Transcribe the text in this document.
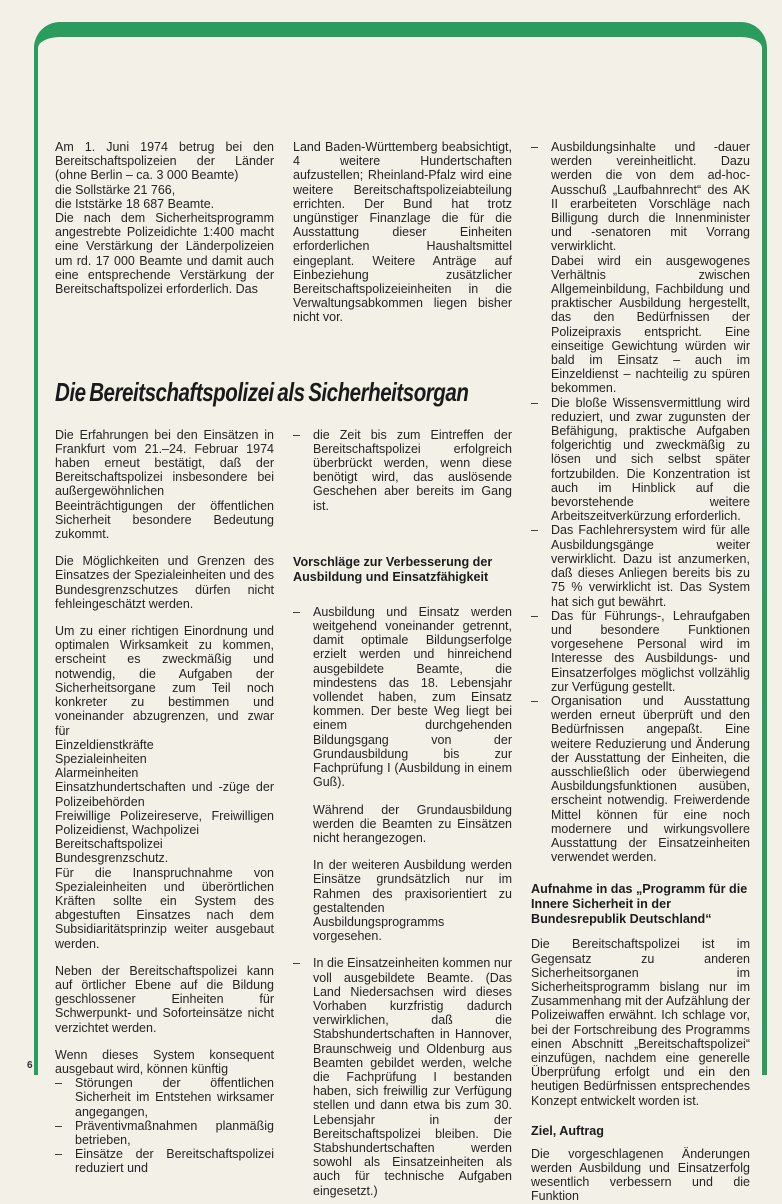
Am 1. Juni 1974 betrug bei den Bereitschaftspolizeien der Länder (ohne Berlin – ca. 3 000 Beamte)
die Sollstärke 21 766,
die Iststärke 18 687 Beamte.
Die nach dem Sicherheitsprogramm angestrebte Polizeidichte 1:400 macht eine Verstärkung der Länderpolizeien um rd. 17 000 Beamte und damit auch eine entsprechende Verstärkung der Bereitschaftspolizei erforderlich. Das
Land Baden-Württemberg beabsichtigt, 4 weitere Hundertschaften aufzustellen; Rheinland-Pfalz wird eine weitere Bereitschaftspolizeiabteilung errichten. Der Bund hat trotz ungünstiger Finanzlage die für die Ausstattung dieser Einheiten erforderlichen Haushaltsmittel eingeplant. Weitere Anträge auf Einbeziehung zusätzlicher Bereitschaftspolizeieinheiten in die Verwaltungsabkommen liegen bisher nicht vor.
Die Bereitschaftspolizei als Sicherheitsorgan
Die Erfahrungen bei den Einsätzen in Frankfurt vom 21.–24. Februar 1974 haben erneut bestätigt, daß der Bereitschaftspolizei insbesondere bei außergewöhnlichen Beeinträchtigungen der öffentlichen Sicherheit besondere Bedeutung zukommt.
Die Möglichkeiten und Grenzen des Einsatzes der Spezialeinheiten und des Bundesgrenzschutzes dürfen nicht fehleingeschätzt werden.
Um zu einer richtigen Einordnung und optimalen Wirksamkeit zu kommen, erscheint es zweckmäßig und notwendig, die Aufgaben der Sicherheitsorgane zum Teil noch konkreter zu bestimmen und voneinander abzugrenzen, und zwar für
Einzeldienstkräfte
Spezialeinheiten
Alarmeinheiten
Einsatzhundertschaften und -züge der Polizeibehörden
Freiwillige Polizeireserve, Freiwilligen Polizeidienst, Wachpolizei
Bereitschaftspolizei
Bundesgrenzschutz.
Für die Inanspruchnahme von Spezialeinheiten und überörtlichen Kräften sollte ein System des abgestuften Einsatzes nach dem Subsidiaritätsprinzip weiter ausgebaut werden.
Neben der Bereitschaftspolizei kann auf örtlicher Ebene auf die Bildung geschlossener Einheiten für Schwerpunkt- und Soforteinsätze nicht verzichtet werden.
Wenn dieses System konsequent ausgebaut wird, können künftig
–	Störungen der öffentlichen Sicherheit im Entstehen wirksamer angegangen,
–	Präventivmaßnahmen planmäßig betrieben,
–	Einsätze der Bereitschaftspolizei reduziert und
–	die Zeit bis zum Eintreffen der Bereitschaftspolizei erfolgreich überbrückt werden, wenn diese benötigt wird, das auslösende Geschehen aber bereits im Gang ist.
Vorschläge zur Verbesserung der Ausbildung und Einsatzfähigkeit
–	Ausbildung und Einsatz werden weitgehend voneinander getrennt, damit optimale Bildungserfolge erzielt werden und hinreichend ausgebildete Beamte, die mindestens das 18. Lebensjahr vollendet haben, zum Einsatz kommen. Der beste Weg liegt bei einem durchgehenden Bildungsgang von der Grundausbildung bis zur Fachprüfung I (Ausbildung in einem Guß).
Während der Grundausbildung werden die Beamten zu Einsätzen nicht herangezogen.
In der weiteren Ausbildung werden Einsätze grundsätzlich nur im Rahmen des praxisorientiert zu gestaltenden Ausbildungsprogramms vorgesehen.
–	In die Einsatzeinheiten kommen nur voll ausgebildete Beamte. (Das Land Niedersachsen wird dieses Vorhaben kurzfristig dadurch verwirklichen, daß die Stabshundertschaften in Hannover, Braunschweig und Oldenburg aus Beamten gebildet werden, welche die Fachprüfung I bestanden haben, sich freiwillig zur Verfügung stellen und dann etwa bis zum 30. Lebensjahr in der Bereitschaftspolizei bleiben. Die Stabshundertschaften werden sowohl als Einsatzeinheiten als auch für technische Aufgaben eingesetzt.)
–	Ausbildungsinhalte und -dauer werden vereinheitlicht. Dazu werden die von dem ad-hoc-Ausschuß „Laufbahnrecht“ des AK II erarbeiteten Vorschläge nach Billigung durch die Innenminister und -senatoren mit Vorrang verwirklicht.
Dabei wird ein ausgewogenes Verhältnis zwischen Allgemeinbildung, Fachbildung und praktischer Ausbildung hergestellt, das den Bedürfnissen der Polizeipraxis entspricht. Eine einseitige Gewichtung würden wir bald im Einsatz – auch im Einzeldienst – nachteilig zu spüren bekommen.
–	Die bloße Wissensvermittlung wird reduziert, und zwar zugunsten der Befähigung, praktische Aufgaben folgerichtig und zweckmäßig zu lösen und sich selbst später fortzubilden. Die Konzentration ist auch im Hinblick auf die bevorstehende weitere Arbeitszeitverkürzung erforderlich.
–	Das Fachlehrersystem wird für alle Ausbildungsgänge weiter verwirklicht. Dazu ist anzumerken, daß dieses Anliegen bereits bis zu 75 % verwirklicht ist. Das System hat sich gut bewährt.
–	Das für Führungs-, Lehraufgaben und besondere Funktionen vorgesehene Personal wird im Interesse des Ausbildungs- und Einsatzerfolges möglichst vollzählig zur Verfügung gestellt.
–	Organisation und Ausstattung werden erneut überprüft und den Bedürfnissen angepaßt. Eine weitere Reduzierung und Änderung der Ausstattung der Einheiten, die ausschließlich oder überwiegend Ausbildungsfunktionen ausüben, erscheint notwendig. Freiwerdende Mittel können für eine noch modernere und wirkungsvollere Ausstattung der Einsatzeinheiten verwendet werden.
Aufnahme in das „Programm für die Innere Sicherheit in der Bundesrepublik Deutschland“
Die Bereitschaftspolizei ist im Gegensatz zu anderen Sicherheitsorganen im Sicherheitsprogramm bislang nur im Zusammenhang mit der Aufzählung der Polizeiwaffen erwähnt. Ich schlage vor, bei der Fortschreibung des Programms einen Abschnitt „Bereitschaftspolizei“ einzufügen, nachdem eine generelle Überprüfung erfolgt und ein den heutigen Bedürfnissen entsprechendes Konzept entwickelt worden ist.
Ziel, Auftrag
Die vorgeschlagenen Änderungen werden Ausbildung und Einsatzerfolg wesentlich verbessern und die Funktion
6
